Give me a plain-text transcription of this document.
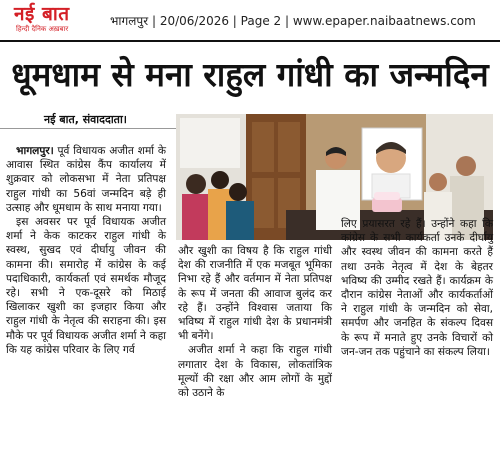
नई बात
हिन्दी दैनिक अख़बार
भागलपुर | 20/06/2026 | Page 2 | www.epaper.naibaatnews.com
धूमधाम से मना राहुल गांधी का जन्मदिन
नई बात, संवाददाता।

भागलपुर। पूर्व विधायक अजीत शर्मा के आवास स्थित कांग्रेस कैंप कार्यालय में शुक्रवार को लोकसभा में नेता प्रतिपक्ष राहुल गांधी का 56वां जन्मदिन बड़े ही उत्साह और धूमधाम के साथ मनाया गया।

इस अवसर पर पूर्व विधायक अजीत शर्मा ने केक काटकर राहुल गांधी के स्वस्थ, सुखद एवं दीर्घायु जीवन की कामना की। समारोह में कांग्रेस के कई पदाधिकारी, कार्यकर्ता एवं समर्थक मौजूद रहे। सभी ने एक-दूसरे को मिठाई खिलाकर खुशी का इजहार किया और राहुल गांधी के नेतृत्व की सराहना की। इस मौके पर पूर्व विधायक अजीत शर्मा ने कहा कि यह कांग्रेस परिवार के लिए गर्व

और खुशी का विषय है कि राहुल गांधी देश की राजनीति में एक मजबूत भूमिका निभा रहे हैं और वर्तमान में नेता प्रतिपक्ष के रूप में जनता की आवाज बुलंद कर रहे हैं। उन्होंने विश्वास जताया कि भविष्य में राहुल गांधी देश के प्रधानमंत्री भी बनेंगे।

अजीत शर्मा ने कहा कि राहुल गांधी लगातार देश के विकास, लोकतांत्रिक मूल्यों की रक्षा और आम लोगों के मुद्दों को उठाने के

लिए प्रयासरत रहे हैं। उन्होंने कहा कि कांग्रेस के सभी कार्यकर्ता उनके दीर्घायु और स्वस्थ जीवन की कामना करते हैं तथा उनके नेतृत्व में देश के बेहतर भविष्य की उम्मीद रखते हैं। कार्यक्रम के दौरान कांग्रेस नेताओं और कार्यकर्ताओं ने राहुल गांधी के जन्मदिन को सेवा, समर्पण और जनहित के संकल्प दिवस के रूप में मनाते हुए उनके विचारों को जन-जन तक पहुंचाने का संकल्प लिया।
